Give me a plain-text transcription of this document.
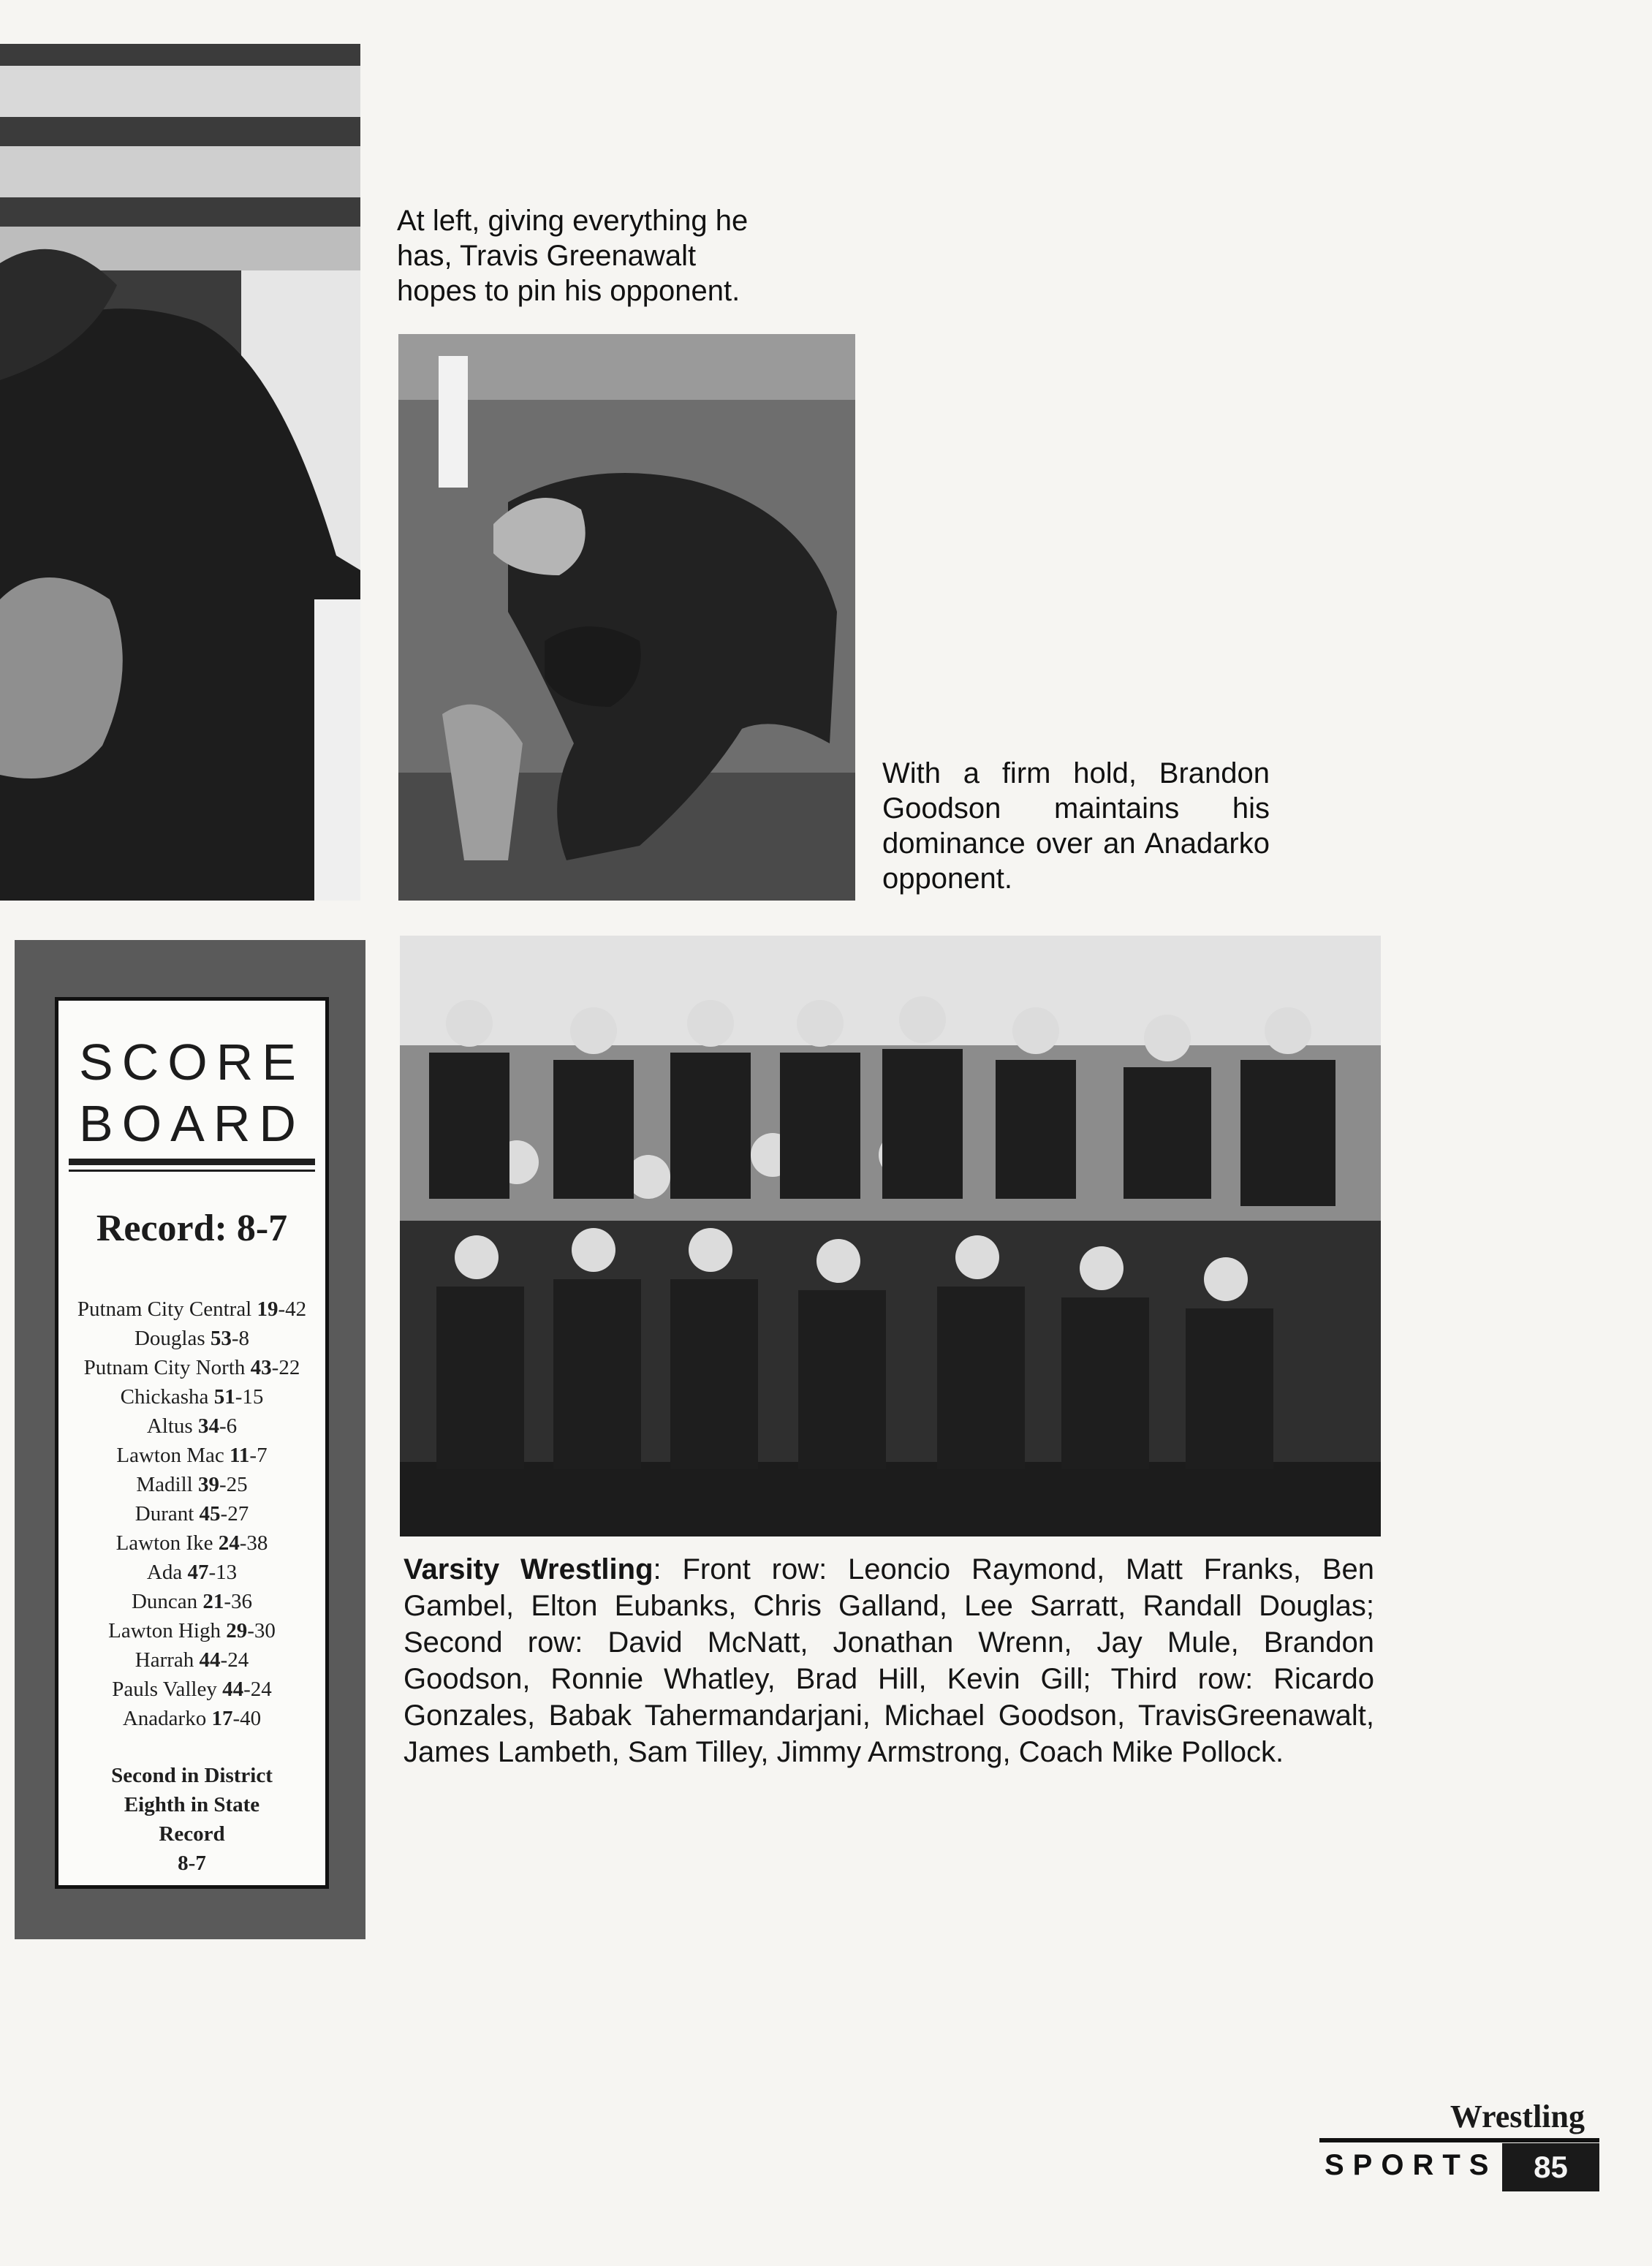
At left, giving everything he has, Travis Greenawalt hopes to pin his opponent.
With a firm hold, Brandon Goodson maintains his dominance over an Anadarko opponent.
Varsity Wrestling: Front row: Leoncio Raymond, Matt Franks, Ben Gambel, Elton Eubanks, Chris Galland, Lee Sarratt, Randall Douglas; Second row: David McNatt, Jonathan Wrenn, Jay Mule, Brandon Goodson, Ronnie Whatley, Brad Hill, Kevin Gill; Third row: Ricardo Gonzales, Babak Tahermandarjani, Michael Goodson, TravisGreenawalt, James Lambeth, Sam Tilley, Jimmy Armstrong, Coach Mike Pollock.
SCORE
BOARD
Record: 8-7
Putnam City Central 19-42
Douglas 53-8
Putnam City North 43-22
Chickasha 51-15
Altus 34-6
Lawton Mac 11-7
Madill 39-25
Durant 45-27
Lawton Ike 24-38
Ada 47-13
Duncan 21-36
Lawton High 29-30
Harrah 44-24
Pauls Valley 44-24
Anadarko 17-40
Second in District
Eighth in State
Record
8-7
Wrestling
SPORTS	85
